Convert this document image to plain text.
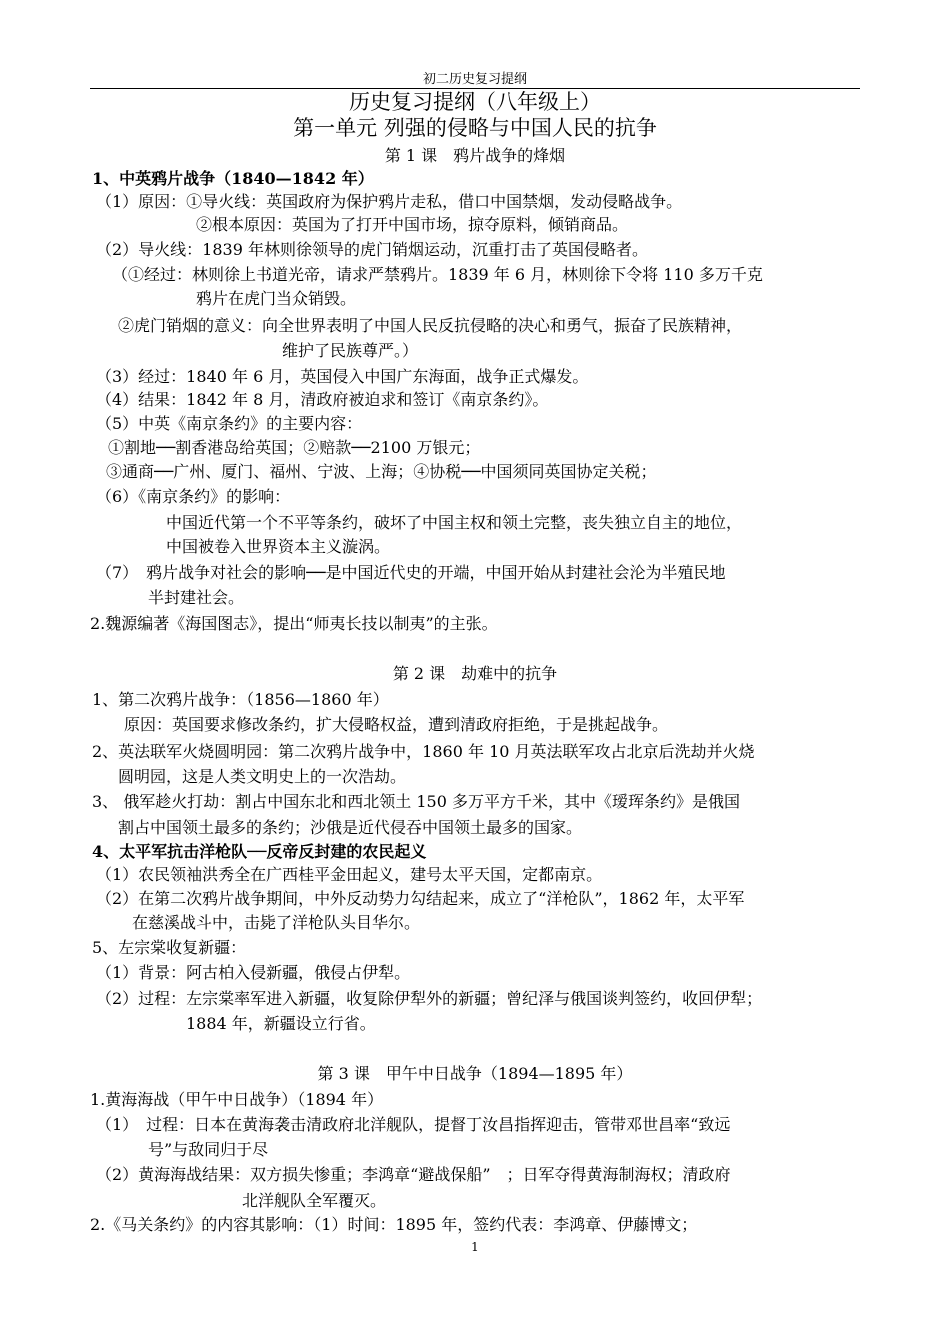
初二历史复习提纲
历史复习提纲（八年级上）
第一单元 列强的侵略与中国人民的抗争
第 1 课　鸦片战争的烽烟
1、中英鸦片战争（1840—1842 年）
（1）原因：①导火线：英国政府为保护鸦片走私，借口中国禁烟，发动侵略战争。
②根本原因：英国为了打开中国市场，掠夺原料，倾销商品。
（2）导火线：1839 年林则徐领导的虎门销烟运动，沉重打击了英国侵略者。
（①经过：林则徐上书道光帝，请求严禁鸦片。1839 年 6 月，林则徐下令将 110 多万千克
鸦片在虎门当众销毁。
②虎门销烟的意义：向全世界表明了中国人民反抗侵略的决心和勇气，振奋了民族精神，
维护了民族尊严。）
（3）经过：1840 年 6 月，英国侵入中国广东海面，战争正式爆发。
（4）结果：1842 年 8 月，清政府被迫求和签订《南京条约》。
（5）中英《南京条约》的主要内容：
①割地──割香港岛给英国；②赔款──2100 万银元；
③通商──广州、厦门、福州、宁波、上海；④协税──中国须同英国协定关税；
（6）《南京条约》的影响：
中国近代第一个不平等条约，破坏了中国主权和领土完整，丧失独立自主的地位，
中国被卷入世界资本主义漩涡。
（7）　鸦片战争对社会的影响──是中国近代史的开端，中国开始从封建社会沦为半殖民地
半封建社会。
2.魏源编著《海国图志》，提出“师夷长技以制夷”的主张。
第 2 课　劫难中的抗争
1、第二次鸦片战争：（1856—1860 年）
原因：英国要求修改条约，扩大侵略权益，遭到清政府拒绝，于是挑起战争。
2、英法联军火烧圆明园：第二次鸦片战争中，1860 年 10 月英法联军攻占北京后洗劫并火烧
圆明园，这是人类文明史上的一次浩劫。
3、 俄军趁火打劫：割占中国东北和西北领土 150 多万平方千米，其中《瑷珲条约》是俄国
割占中国领土最多的条约；沙俄是近代侵吞中国领土最多的国家。
4、太平军抗击洋枪队──反帝反封建的农民起义
（1）农民领袖洪秀全在广西桂平金田起义，建号太平天国，定都南京。
（2）在第二次鸦片战争期间，中外反动势力勾结起来，成立了“洋枪队”，1862 年，太平军
在慈溪战斗中，击毙了洋枪队头目华尔。
5、左宗棠收复新疆：
（1）背景：阿古柏入侵新疆，俄侵占伊犁。
（2）过程：左宗棠率军进入新疆，收复除伊犁外的新疆；曾纪泽与俄国谈判签约，收回伊犁；
1884 年，新疆设立行省。
第 3 课　甲午中日战争（1894—1895 年）
1.黄海海战（甲午中日战争）（1894 年）
（1）　过程：日本在黄海袭击清政府北洋舰队，提督丁汝昌指挥迎击，管带邓世昌率“致远
号”与敌同归于尽
（2）黄海海战结果：双方损失惨重；李鸿章“避战保船”　；日军夺得黄海制海权；清政府
北洋舰队全军覆灭。
2.《马关条约》的内容其影响：（1）时间：1895 年，签约代表：李鸿章、伊藤博文；
1
